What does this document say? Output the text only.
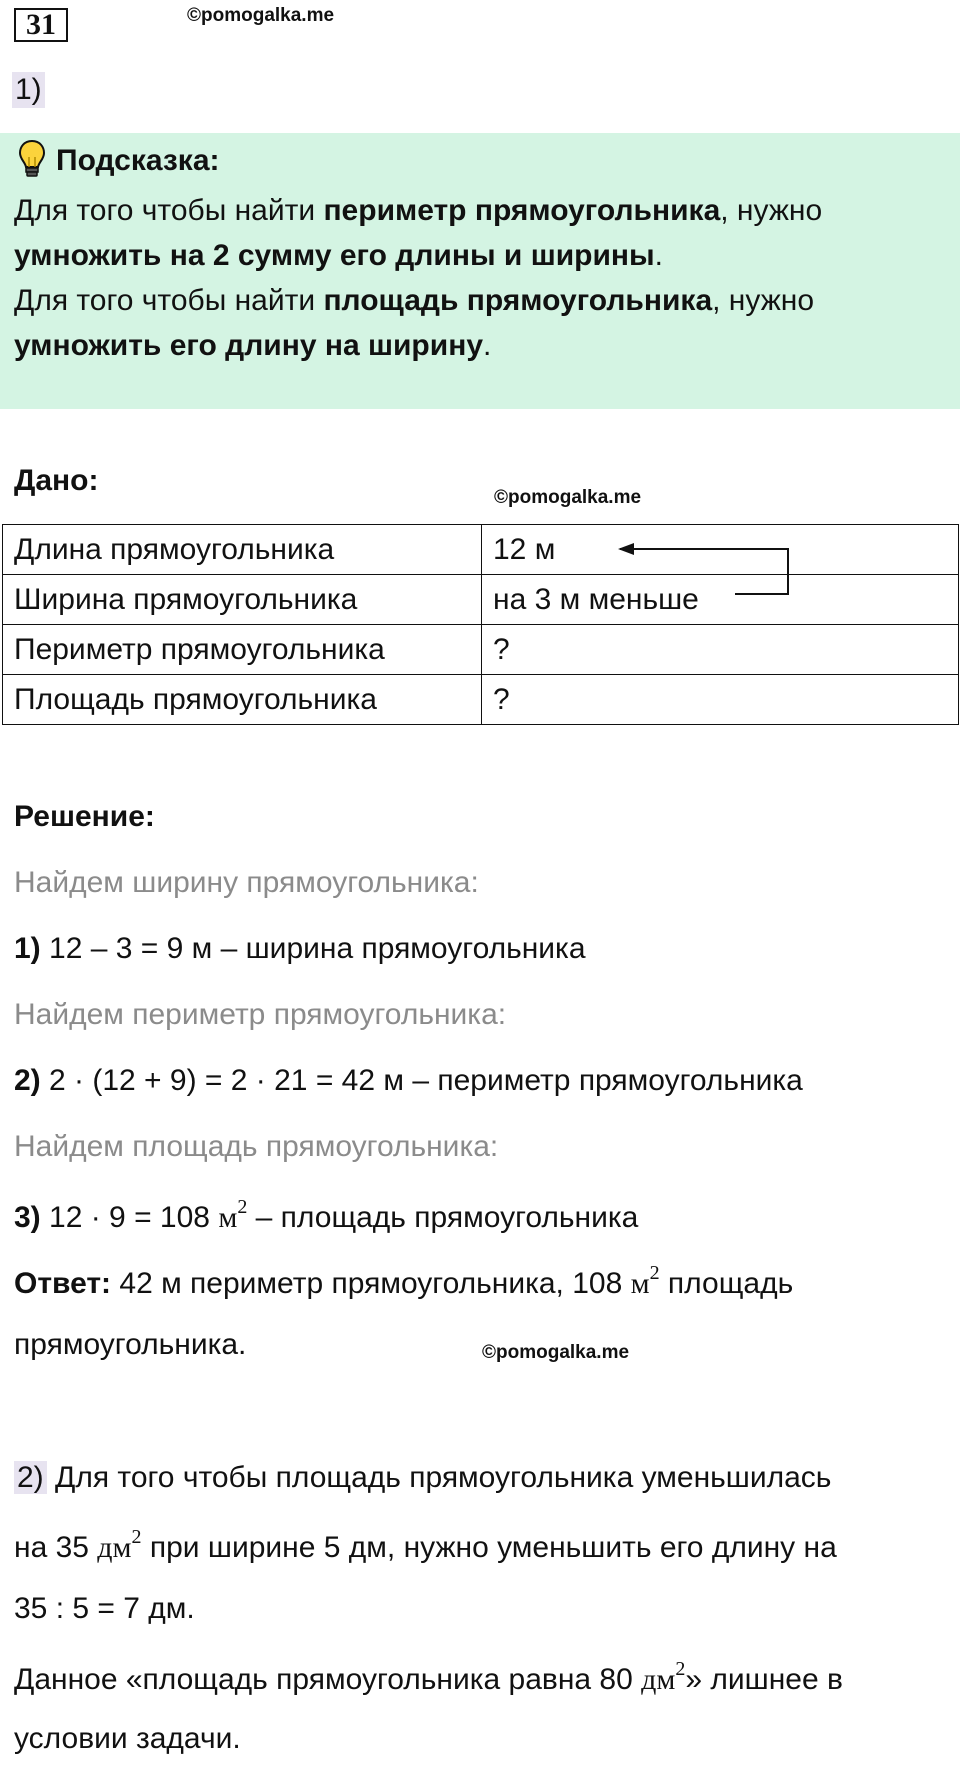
31	©pomogalka.me
1)
Подсказка:

Для того чтобы найти периметр прямоугольника, нужно умножить на 2 сумму его длины и ширины.

Для того чтобы найти площадь прямоугольника, нужно умножить его длину на ширину.

Дано:
©pomogalka.me
Длина прямоугольника	12 м
Ширина прямоугольника	на 3 м меньше
Периметр прямоугольника	?
Площадь прямоугольника	?
Решение:
Найдем ширину прямоугольника:
1) 12 – 3 = 9 м – ширина прямоугольника
Найдем периметр прямоугольника:
2) 2 · (12 + 9) = 2 · 21 = 42 м – периметр прямоугольника
Найдем площадь прямоугольника:
3) 12 · 9 = 108 $м^2$ – площадь прямоугольника
Ответ: 42 м периметр прямоугольника, 108 $м^2$ площадь
прямоугольника.	©pomogalka.me
2) Для того чтобы площадь прямоугольника уменьшилась
на 35 $дм^2$ при ширине 5 дм, нужно уменьшить его длину на
35 : 5 = 7 дм.
Данное «площадь прямоугольника равна 80 $дм^2$» лишнее в
условии задачи.
